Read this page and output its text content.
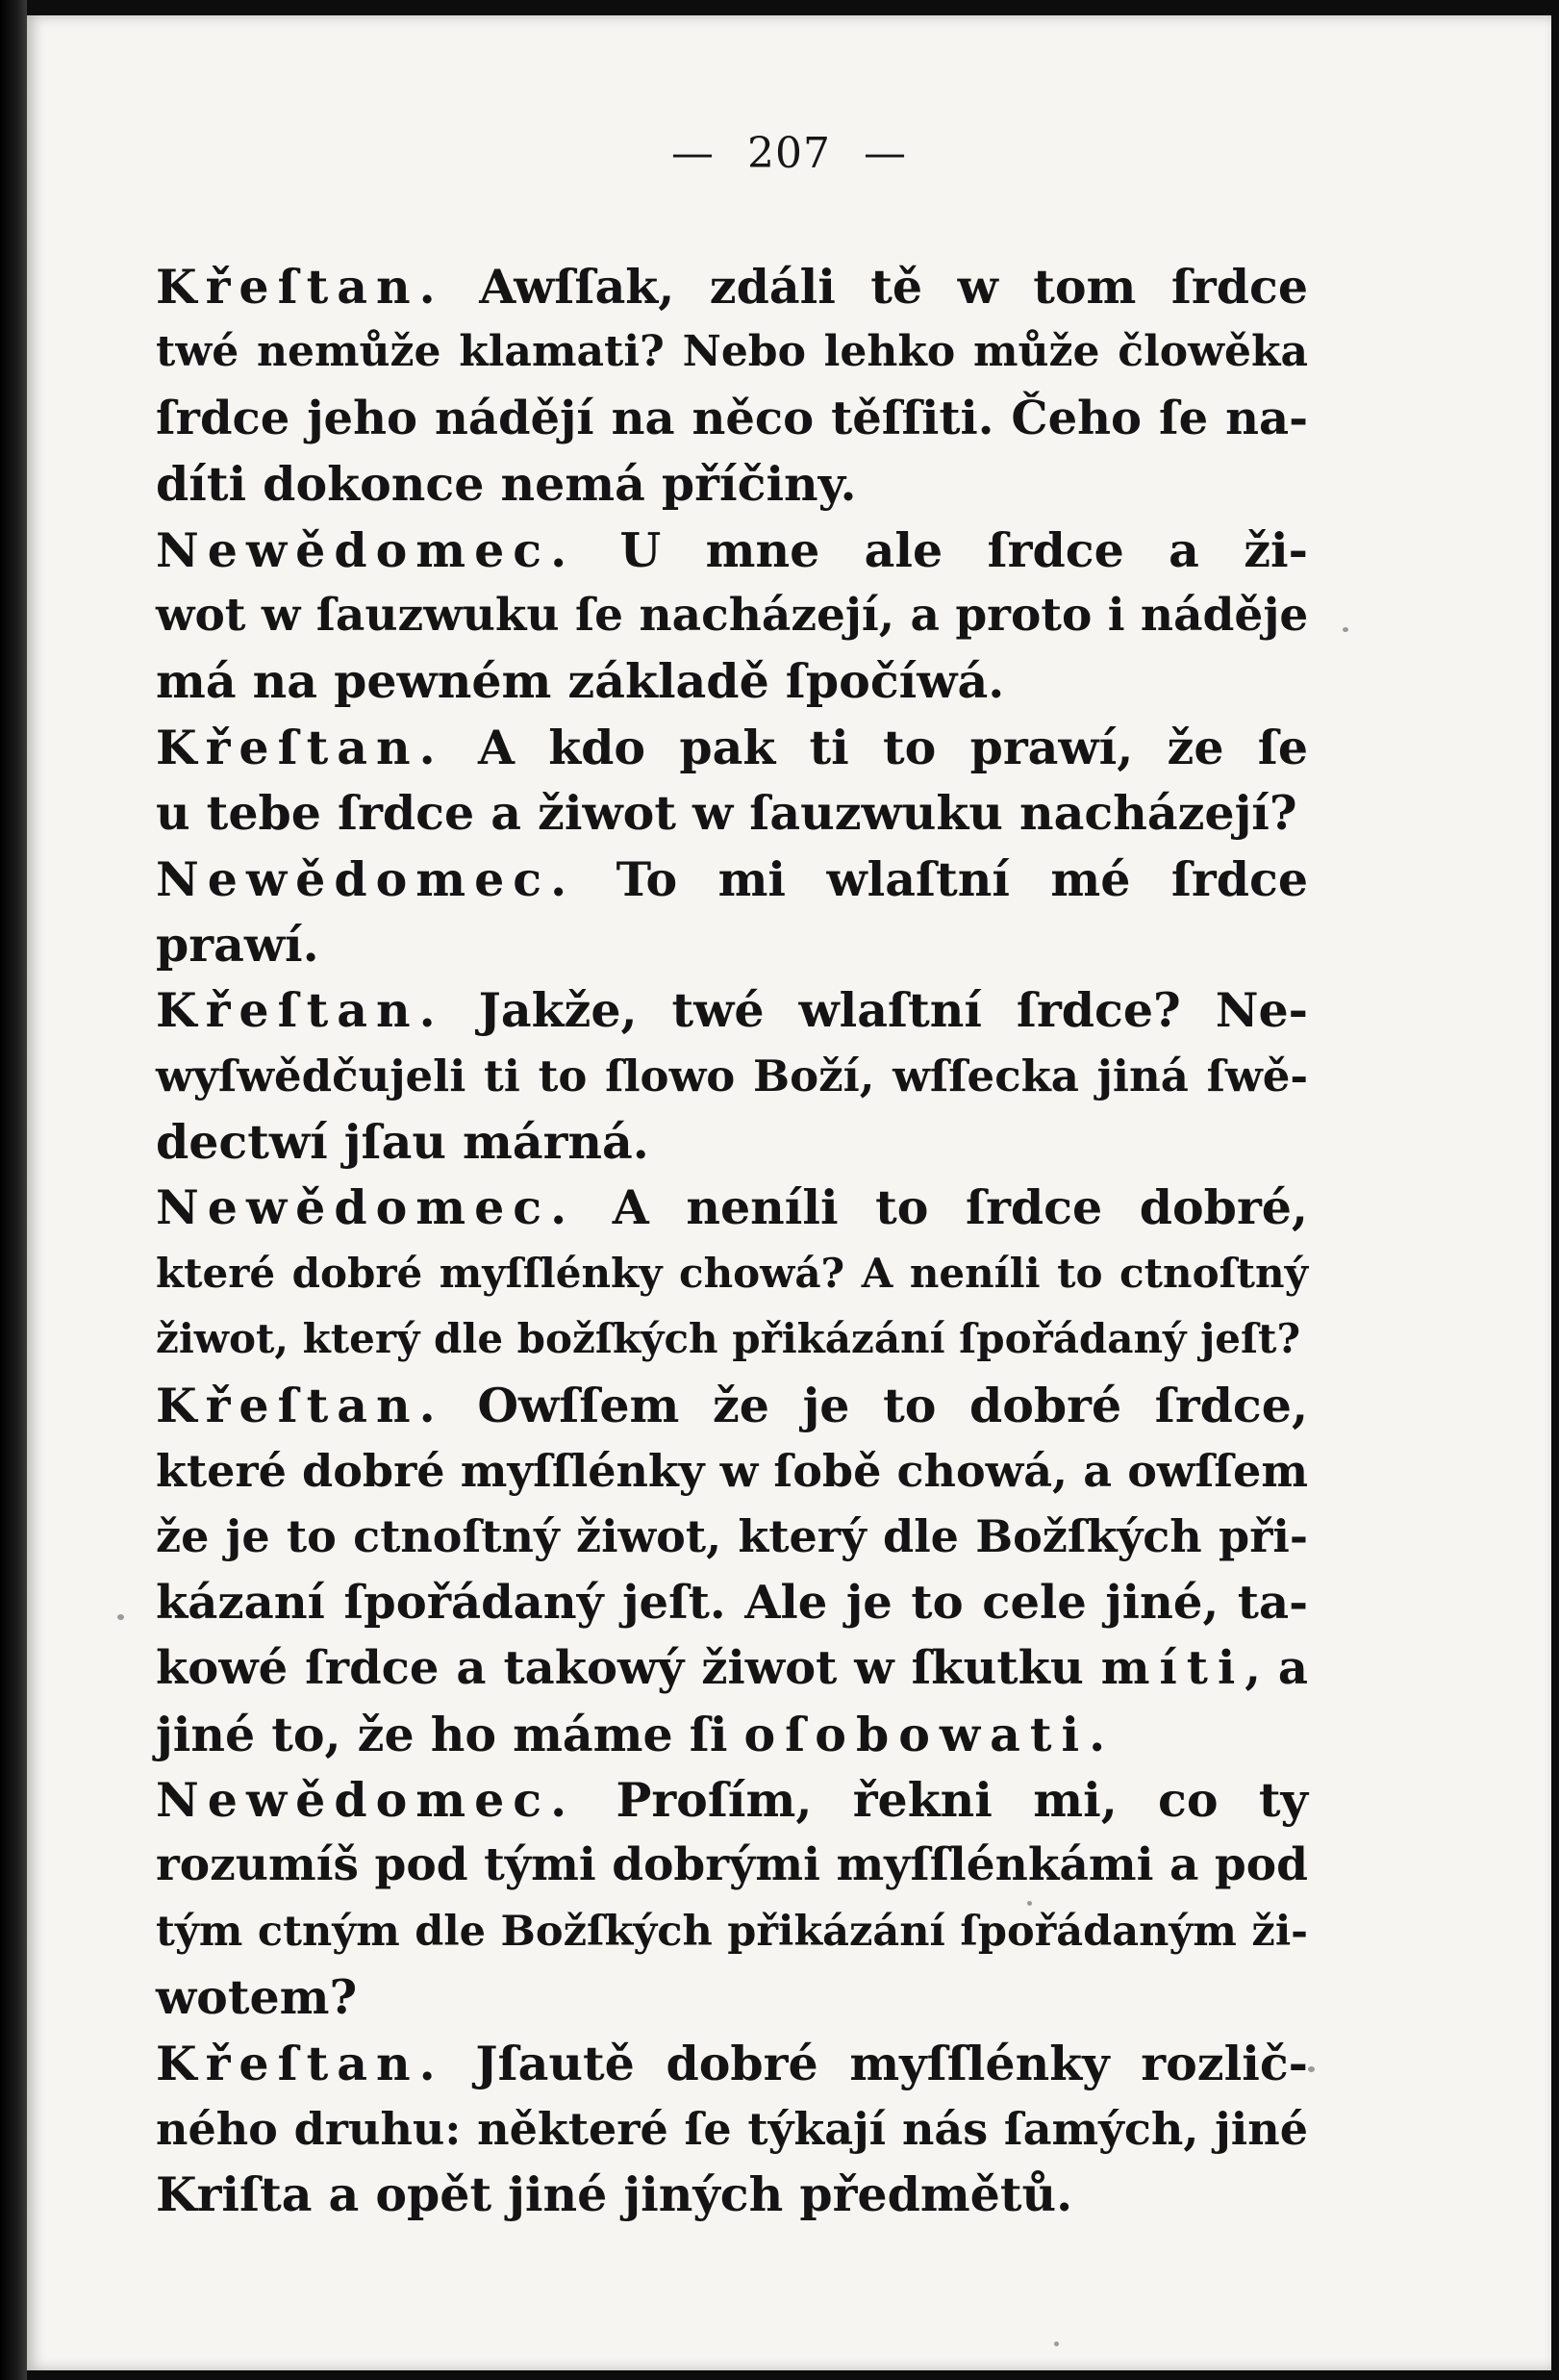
— 207 —
Křeſtan. Awſſak, zdáli tě w tom ſrdce
twé nemůže klamati? Nebo lehko může člowěka
ſrdce jeho nádějí na něco těſſiti. Čeho ſe na-
díti dokonce nemá příčiny.
Newědomec. U mne ale ſrdce a ži-
wot w ſauzwuku ſe nacházejí, a proto i náděje
má na pewném základě ſpočíwá.
Křeſtan. A kdo pak ti to prawí, že ſe
u tebe ſrdce a žiwot w ſauzwuku nacházejí?
Newědomec. To mi wlaſtní mé ſrdce
prawí.
Křeſtan. Jakže, twé wlaſtní ſrdce? Ne-
wyſwědčujeli ti to ſlowo Boží, wſſecka jiná ſwě-
dectwí jſau márná.
Newědomec. A neníli to ſrdce dobré,
které dobré myſſlénky chowá? A neníli to ctnoſtný
žiwot, který dle božſkých přikázání ſpořádaný jeſt?
Křeſtan. Owſſem že je to dobré ſrdce,
které dobré myſſlénky w ſobě chowá, a owſſem
že je to ctnoſtný žiwot, který dle Božſkých při-
kázaní ſpořádaný jeſt. Ale je to cele jiné, ta-
kowé ſrdce a takowý žiwot w ſkutku míti, a
jiné to, že ho máme ſi oſobowati.
Newědomec. Proſím, řekni mi, co ty
rozumíš pod tými dobrými myſſlénkámi a pod
tým ctným dle Božſkých přikázání ſpořádaným ži-
wotem?
Křeſtan. Jſautě dobré myſſlénky rozlič-
ného druhu: některé ſe týkají nás ſamých, jiné
Kriſta a opět jiné jiných předmětů.
